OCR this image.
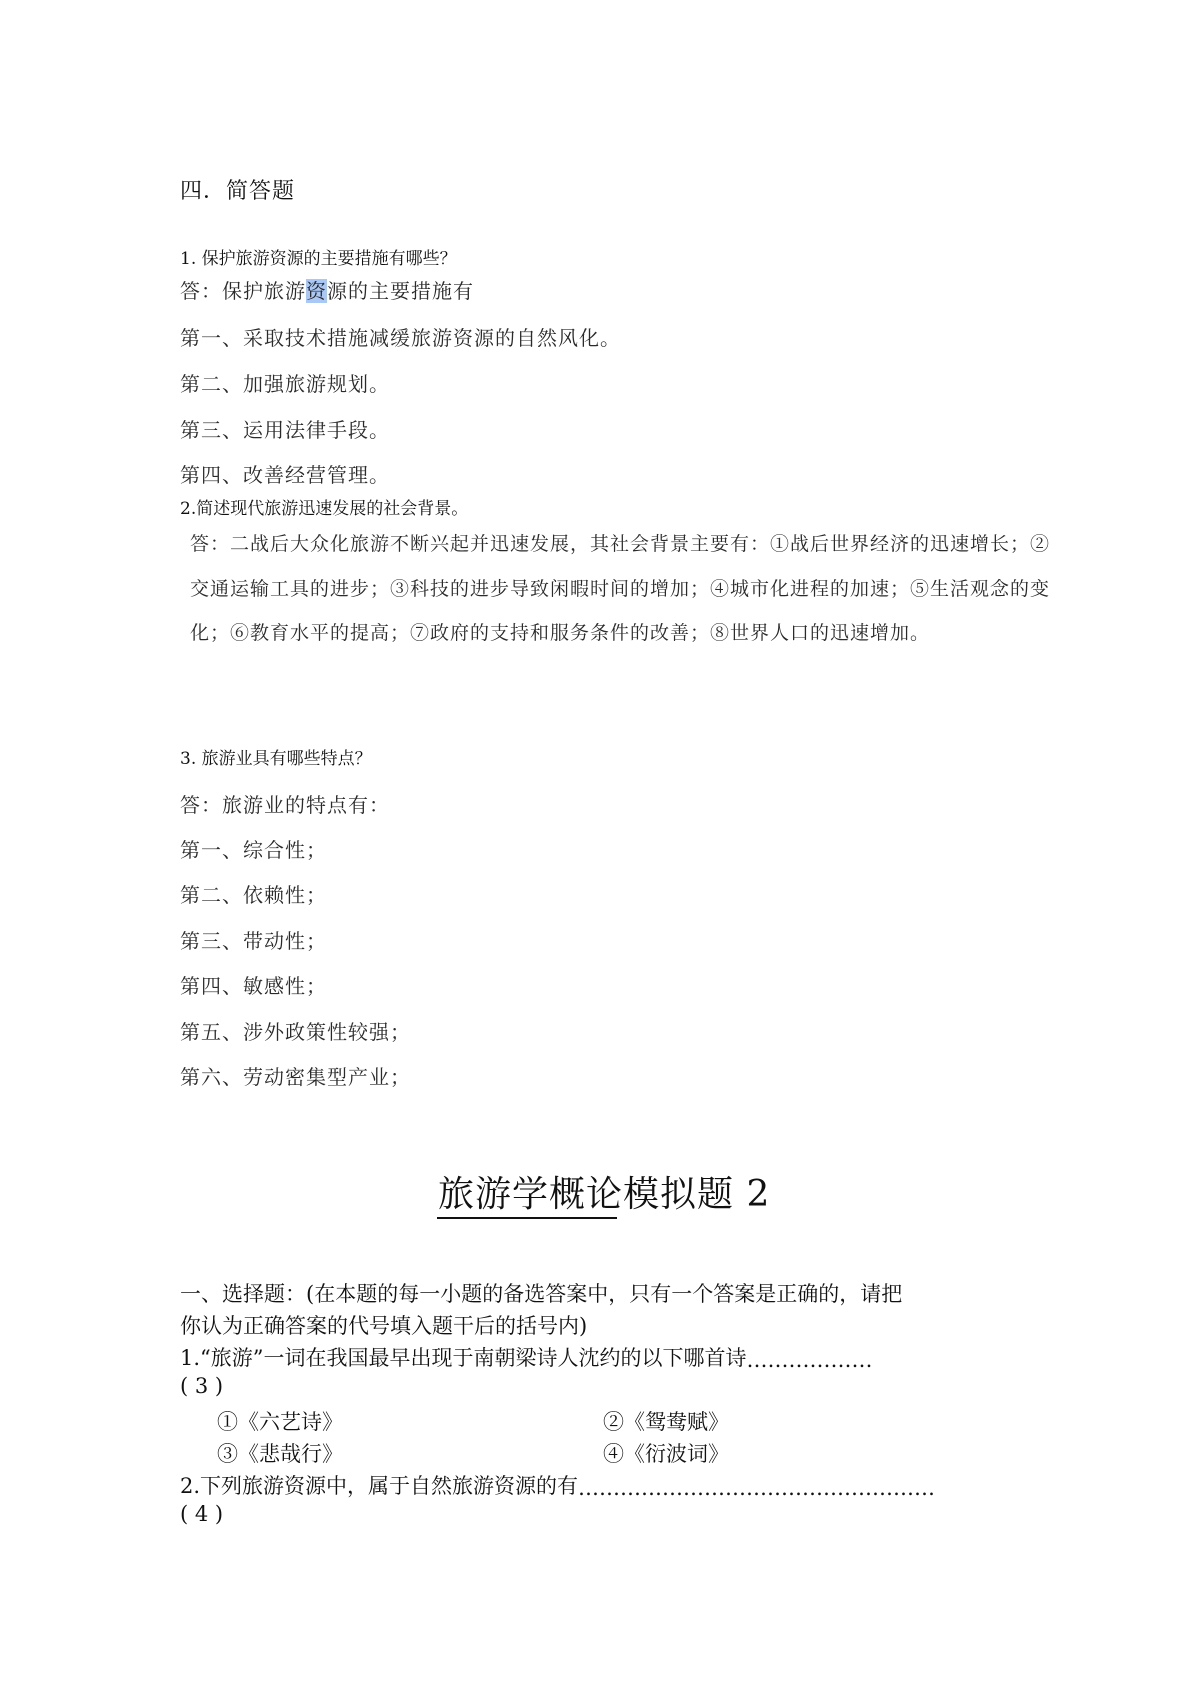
四．简答题
1. 保护旅游资源的主要措施有哪些？
答：保护旅游资源的主要措施有
第一、采取技术措施减缓旅游资源的自然风化。
第二、加强旅游规划。
第三、运用法律手段。
第四、改善经营管理。
2.简述现代旅游迅速发展的社会背景。
答：二战后大众化旅游不断兴起并迅速发展，其社会背景主要有：①战后世界经济的迅速增长；②交通运输工具的进步；③科技的进步导致闲暇时间的增加；④城市化进程的加速；⑤生活观念的变化；⑥教育水平的提高；⑦政府的支持和服务条件的改善；⑧世界人口的迅速增加。
3. 旅游业具有哪些特点？
答：旅游业的特点有：
第一、综合性；
第二、依赖性；
第三、带动性；
第四、敏感性；
第五、涉外政策性较强；
第六、劳动密集型产业；
旅游学概论模拟题 2
一、选择题：(在本题的每一小题的备选答案中，只有一个答案是正确的，请把
你认为正确答案的代号填入题干后的括号内)
1.“旅游”一词在我国最早出现于南朝梁诗人沈约的以下哪首诗………………
( 3 )
①《六艺诗》	②《鸳鸯赋》
③《悲哉行》	④《衍波词》
2.下列旅游资源中，属于自然旅游资源的有……………………………………………
( 4 )
